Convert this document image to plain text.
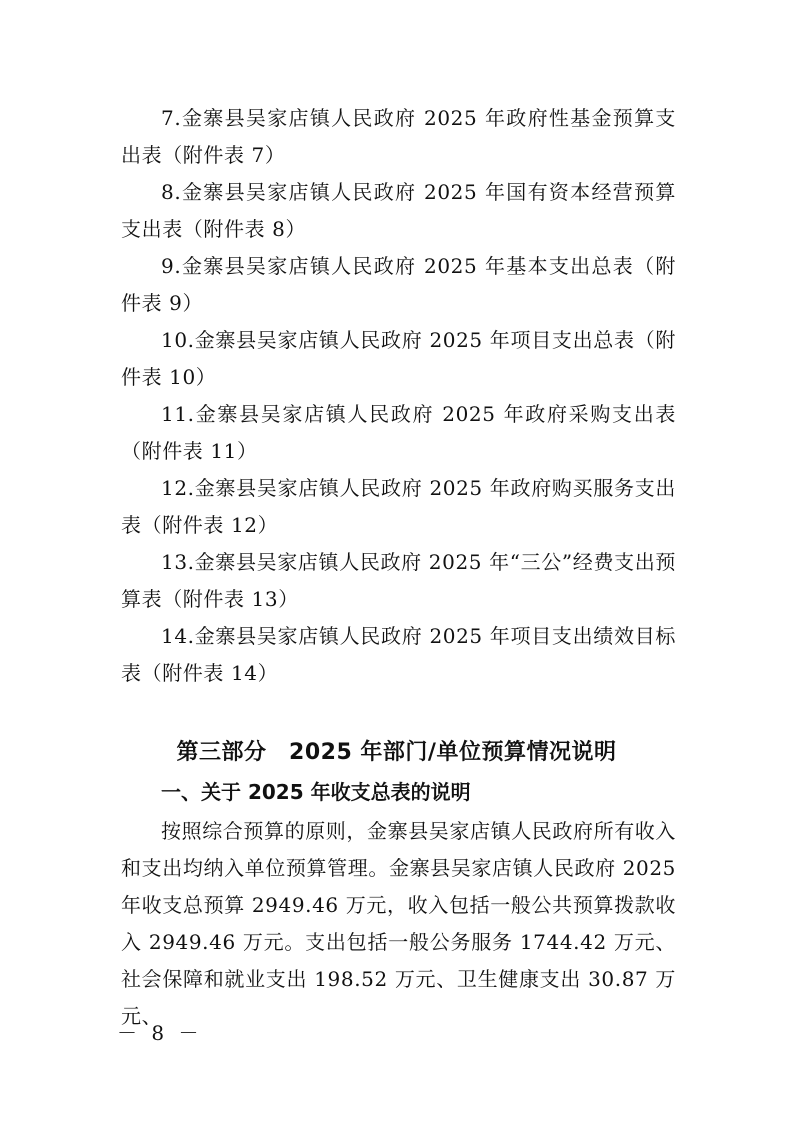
7.金寨县吴家店镇人民政府 2025 年政府性基金预算支出表（附件表 7）

8.金寨县吴家店镇人民政府 2025 年国有资本经营预算支出表（附件表 8）

9.金寨县吴家店镇人民政府 2025 年基本支出总表（附件表 9）

10.金寨县吴家店镇人民政府 2025 年项目支出总表（附件表 10）

11.金寨县吴家店镇人民政府 2025 年政府采购支出表（附件表 11）

12.金寨县吴家店镇人民政府 2025 年政府购买服务支出表（附件表 12）

13.金寨县吴家店镇人民政府 2025 年“三公”经费支出预算表（附件表 13）

14.金寨县吴家店镇人民政府 2025 年项目支出绩效目标表（附件表 14）

第三部分　2025 年部门/单位预算情况说明
一、关于 2025 年收支总表的说明

按照综合预算的原则，金寨县吴家店镇人民政府所有收入和支出均纳入单位预算管理。金寨县吴家店镇人民政府 2025 年收支总预算 2949.46 万元，收入包括一般公共预算拨款收入 2949.46 万元。支出包括一般公务服务 1744.42 万元、社会保障和就业支出 198.52 万元、卫生健康支出 30.87 万元、

－ 8 －
